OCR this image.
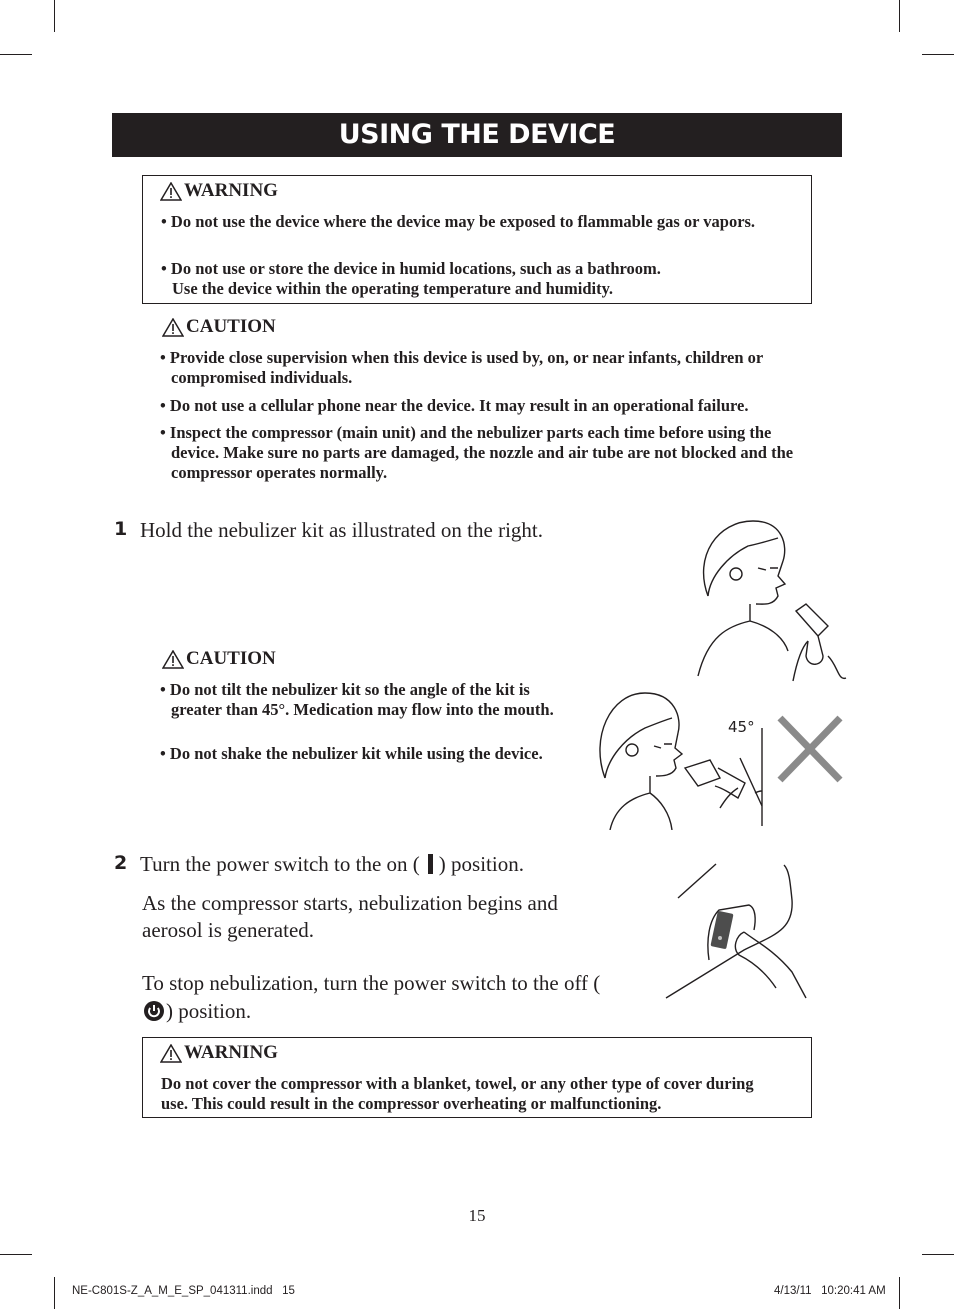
USING THE DEVICE
WARNING
• Do not use the device where the device may be exposed to flammable gas or vapors.
• Do not use or store the device in humid locations, such as a bathroom.
Use the device within the operating temperature and humidity.
CAUTION
• Provide close supervision when this device is used by, on, or near infants, children or compromised individuals.
• Do not use a cellular phone near the device. It may result in an operational failure.
• Inspect the compressor (main unit) and the nebulizer parts each time before using the device. Make sure no parts are damaged, the nozzle and air tube are not blocked and the compressor operates normally.
1 Hold the nebulizer kit as illustrated on the right.
CAUTION
• Do not tilt the nebulizer kit so the angle of the kit is greater than 45°. Medication may flow into the mouth.
• Do not shake the nebulizer kit while using the device.
45°
2 Turn the power switch to the on ( ) position.
As the compressor starts, nebulization begins and aerosol is generated.
To stop nebulization, turn the power switch to the off () position.
WARNING
Do not cover the compressor with a blanket, towel, or any other type of cover during use. This could result in the compressor overheating or malfunctioning.
15
NE-C801S-Z_A_M_E_SP_041311.indd   15	4/13/11   10:20:41 AM
